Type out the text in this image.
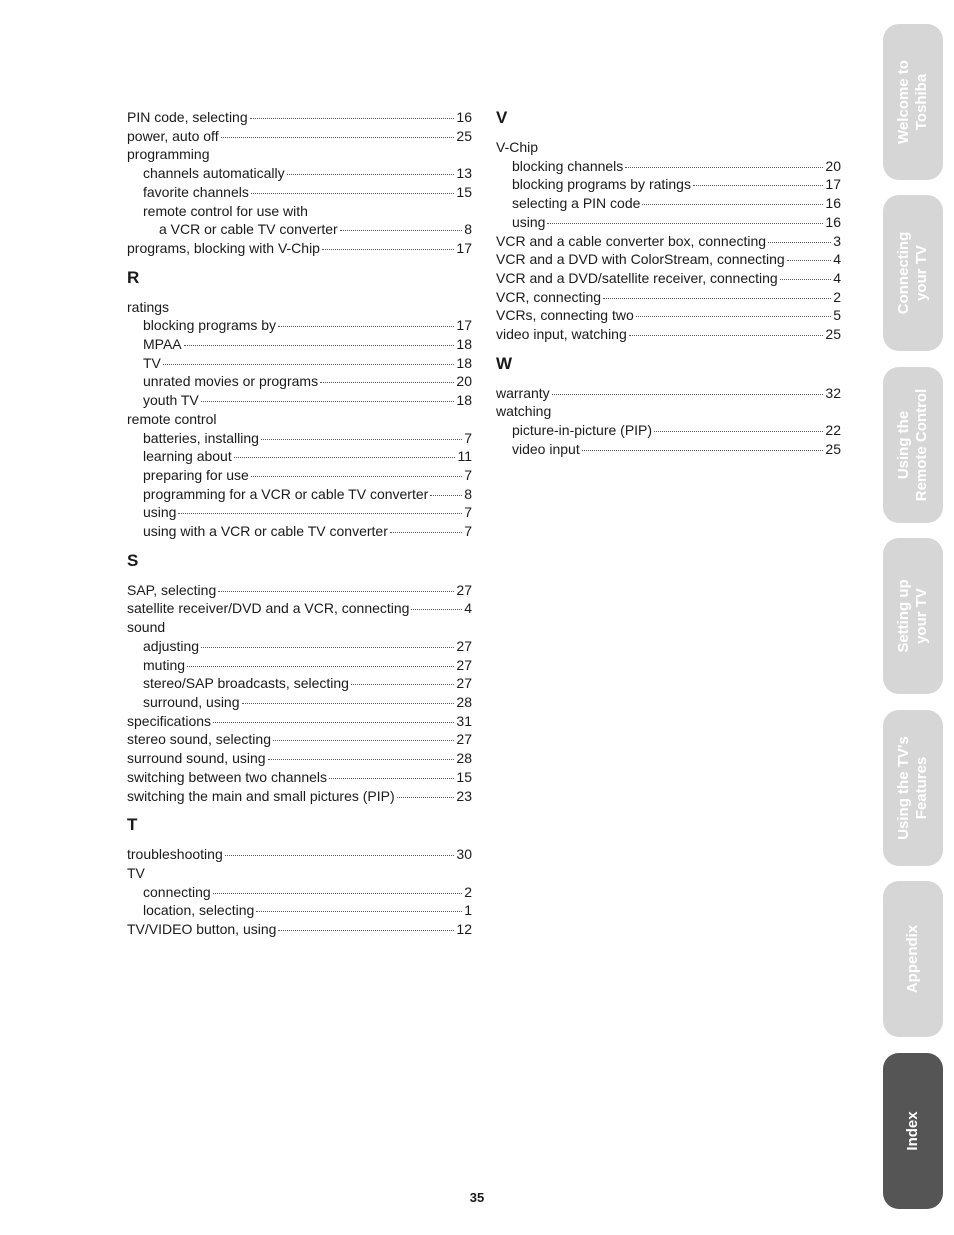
PIN code, selecting	16
power, auto off	25
programming
channels automatically	13
favorite channels	15
remote control for use with
a VCR or cable TV converter	8
programs, blocking with V-Chip	17
R
ratings
blocking programs by	17
MPAA	18
TV	18
unrated movies or programs	20
youth TV	18
remote control
batteries, installing	7
learning about	11
preparing for use	7
programming for a VCR or cable TV converter	8
using	7
using with a VCR or cable TV converter	7
S
SAP, selecting	27
satellite receiver/DVD and a VCR, connecting	4
sound
adjusting	27
muting	27
stereo/SAP broadcasts, selecting	27
surround, using	28
specifications	31
stereo sound, selecting	27
surround sound, using	28
switching between two channels	15
switching the main and small pictures (PIP)	23
T
troubleshooting	30
TV
connecting	2
location, selecting	1
TV/VIDEO button, using	12
V
V-Chip
blocking channels	20
blocking programs by ratings	17
selecting a PIN code	16
using	16
VCR and a cable converter box, connecting	3
VCR and a DVD with ColorStream, connecting	4
VCR and a DVD/satellite receiver, connecting	4
VCR, connecting	2
VCRs, connecting two	5
video input, watching	25
W
warranty	32
watching
picture-in-picture (PIP)	22
video input	25
Welcome to
Toshiba
Connecting
your TV
Using the
Remote Control
Setting up
your TV
Using the TV's
Features
Appendix
Index
35
